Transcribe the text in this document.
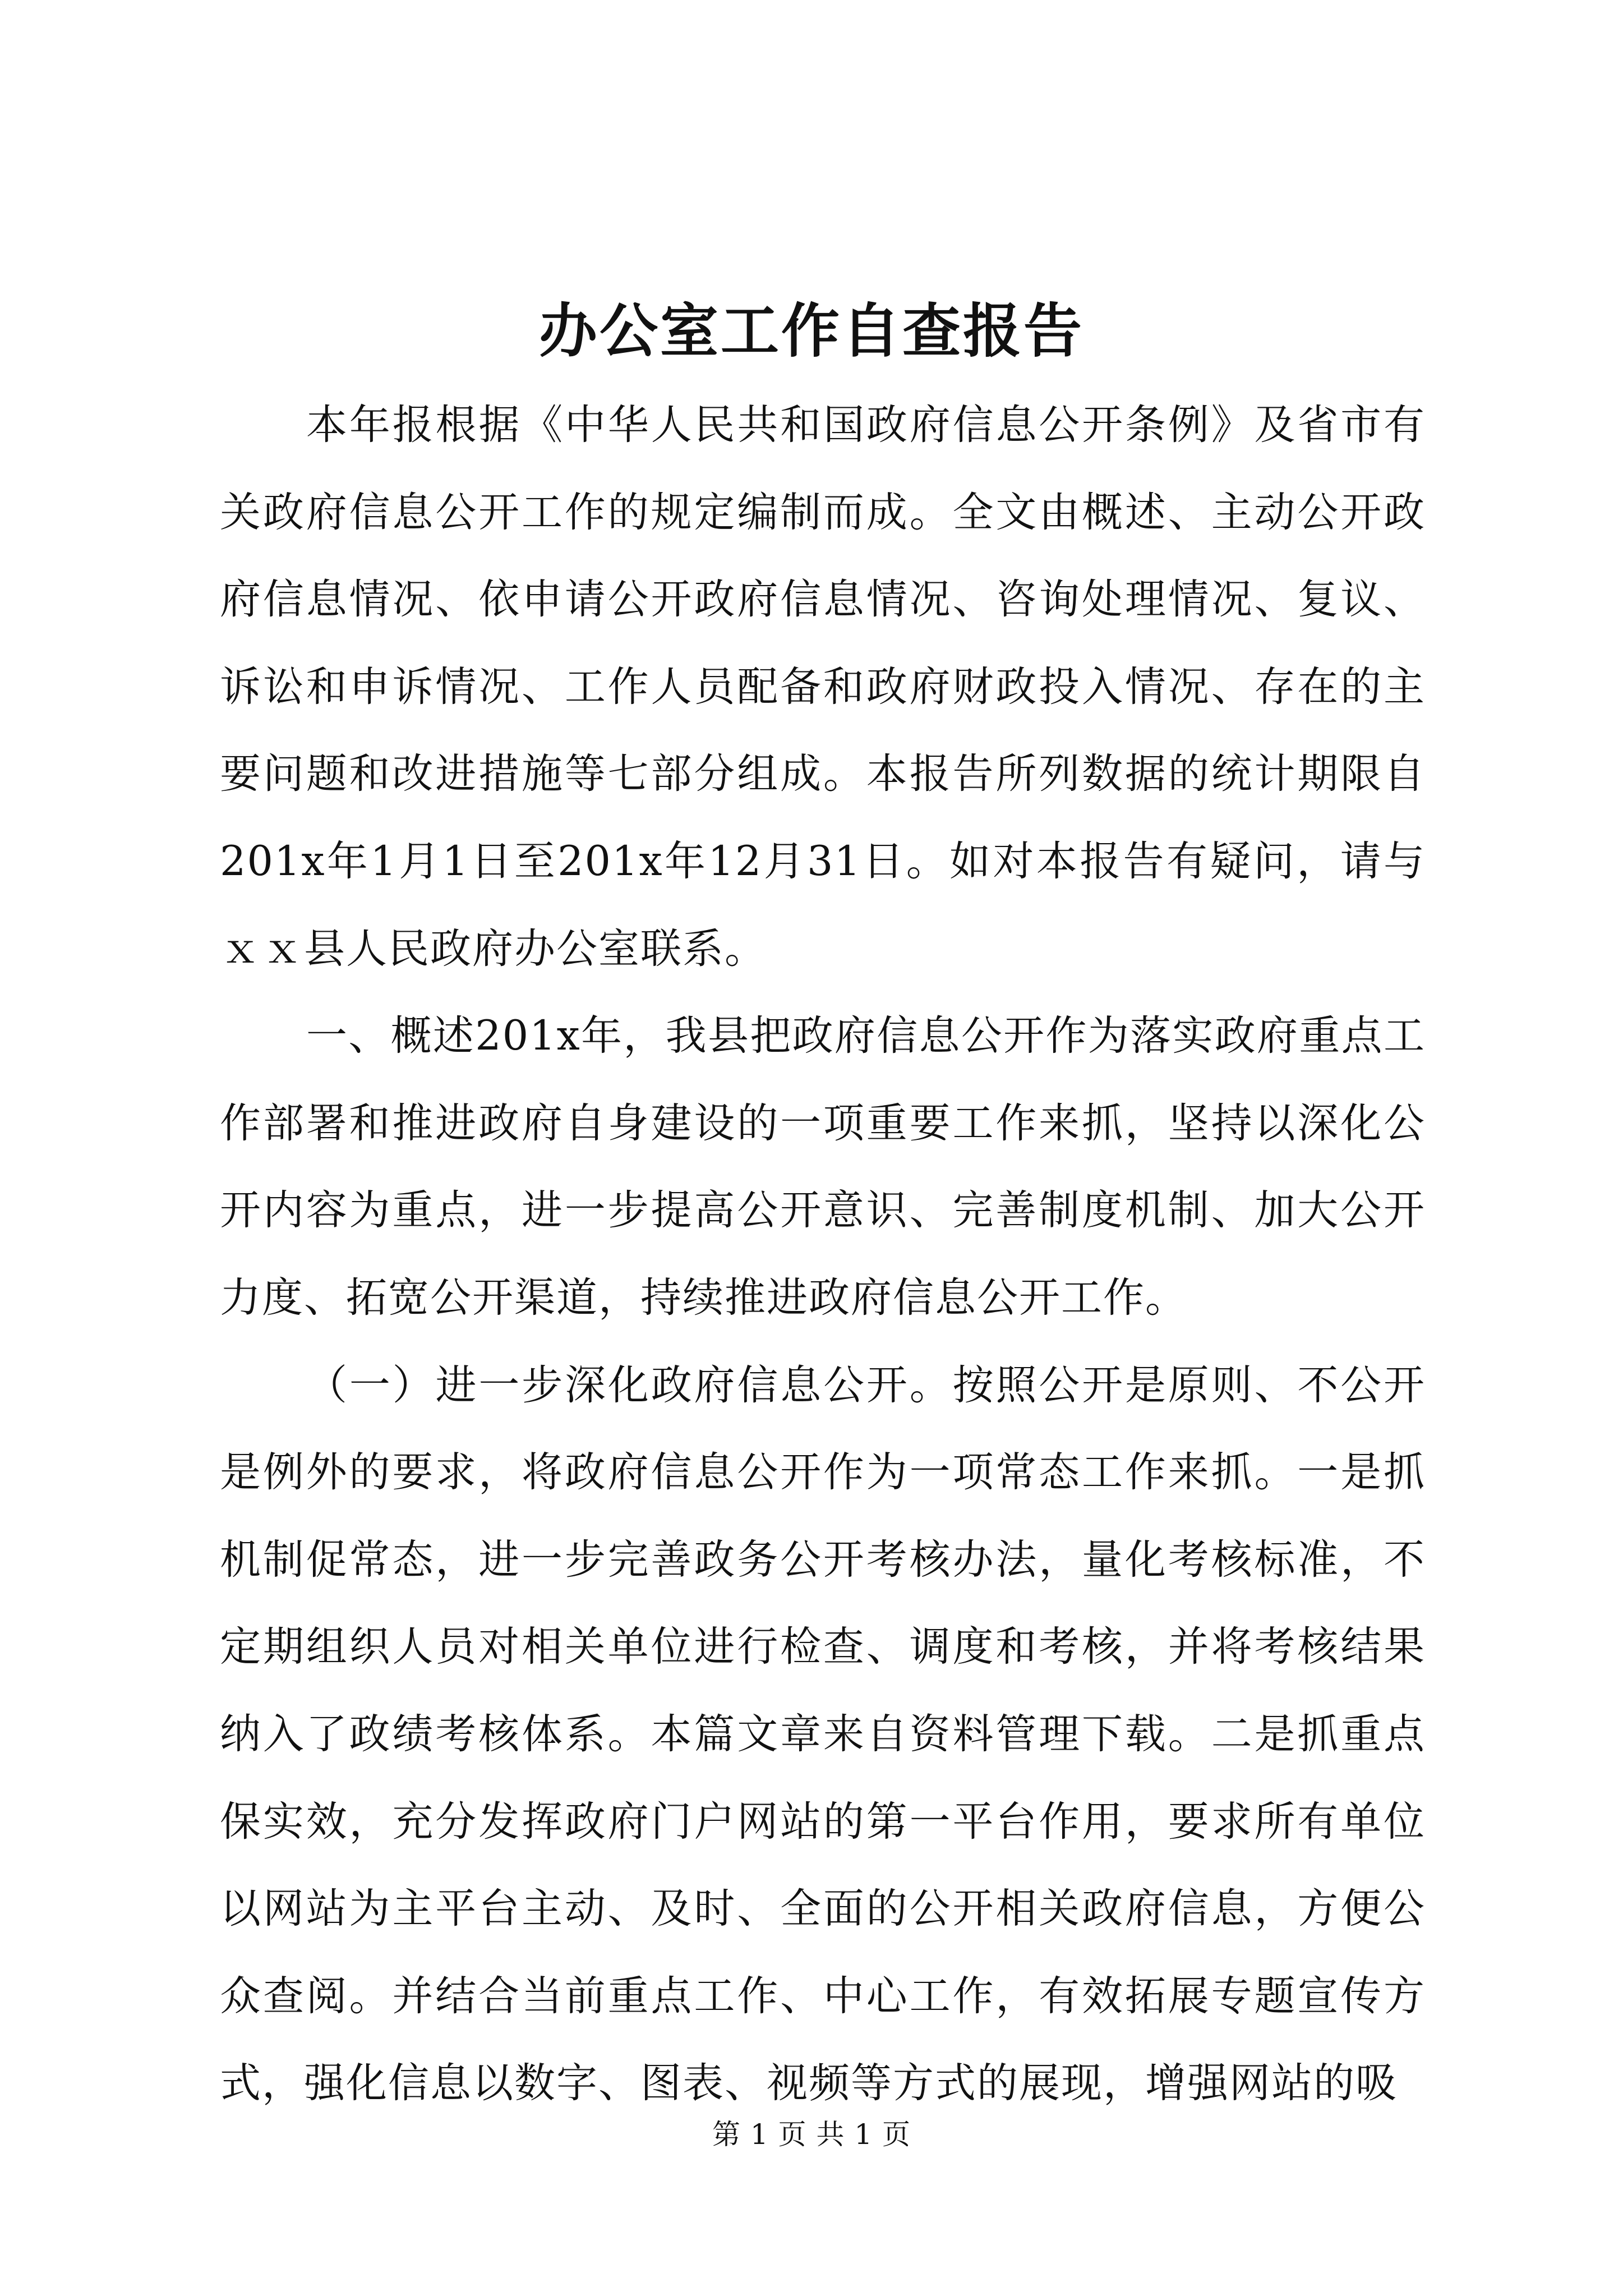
办公室工作自查报告

本年报根据《中华人民共和国政府信息公开条例》及省市有关政府信息公开工作的规定编制而成。全文由概述、主动公开政府信息情况、依申请公开政府信息情况、咨询处理情况、复议、诉讼和申诉情况、工作人员配备和政府财政投入情况、存在的主要问题和改进措施等七部分组成。本报告所列数据的统计期限自201x年1月1日至201x年12月31日。如对本报告有疑问，请与ｘｘ县人民政府办公室联系。

一、概述201x年，我县把政府信息公开作为落实政府重点工作部署和推进政府自身建设的一项重要工作来抓，坚持以深化公开内容为重点，进一步提高公开意识、完善制度机制、加大公开力度、拓宽公开渠道，持续推进政府信息公开工作。

（一）进一步深化政府信息公开。按照公开是原则、不公开是例外的要求，将政府信息公开作为一项常态工作来抓。一是抓机制促常态，进一步完善政务公开考核办法，量化考核标准，不定期组织人员对相关单位进行检查、调度和考核，并将考核结果纳入了政绩考核体系。本篇文章来自资料管理下载。二是抓重点保实效，充分发挥政府门户网站的第一平台作用，要求所有单位以网站为主平台主动、及时、全面的公开相关政府信息，方便公众查阅。并结合当前重点工作、中心工作，有效拓展专题宣传方式，强化信息以数字、图表、视频等方式的展现，增强网站的吸

第 1 页 共 1 页
